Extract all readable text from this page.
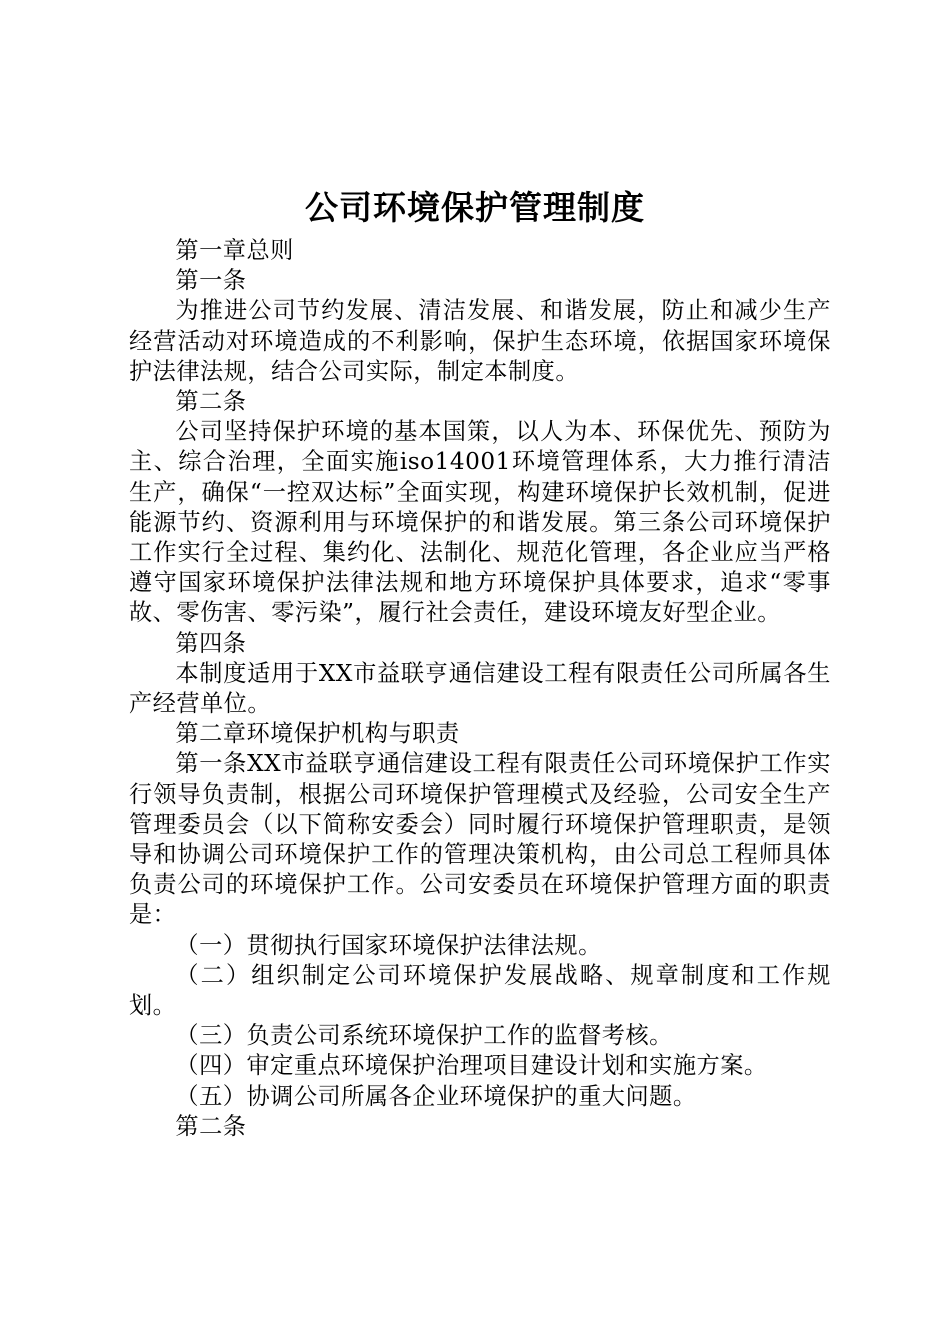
公司环境保护管理制度

第一章总则

第一条

为推进公司节约发展、清洁发展、和谐发展，防止和减少生产经营活动对环境造成的不利影响，保护生态环境，依据国家环境保护法律法规，结合公司实际，制定本制度。

第二条

公司坚持保护环境的基本国策，以人为本、环保优先、预防为主、综合治理，全面实施iso14001环境管理体系，大力推行清洁生产，确保“一控双达标”全面实现，构建环境保护长效机制，促进能源节约、资源利用与环境保护的和谐发展。第三条公司环境保护工作实行全过程、集约化、法制化、规范化管理，各企业应当严格遵守国家环境保护法律法规和地方环境保护具体要求，追求“零事故、零伤害、零污染”，履行社会责任，建设环境友好型企业。

第四条

本制度适用于XX市益联亨通信建设工程有限责任公司所属各生产经营单位。

第二章环境保护机构与职责

第一条XX市益联亨通信建设工程有限责任公司环境保护工作实行领导负责制，根据公司环境保护管理模式及经验，公司安全生产管理委员会（以下简称安委会）同时履行环境保护管理职责，是领导和协调公司环境保护工作的管理决策机构，由公司总工程师具体负责公司的环境保护工作。公司安委员在环境保护管理方面的职责是：

（一）贯彻执行国家环境保护法律法规。

（二）组织制定公司环境保护发展战略、规章制度和工作规划。

（三）负责公司系统环境保护工作的监督考核。

（四）审定重点环境保护治理项目建设计划和实施方案。

（五）协调公司所属各企业环境保护的重大问题。

第二条
